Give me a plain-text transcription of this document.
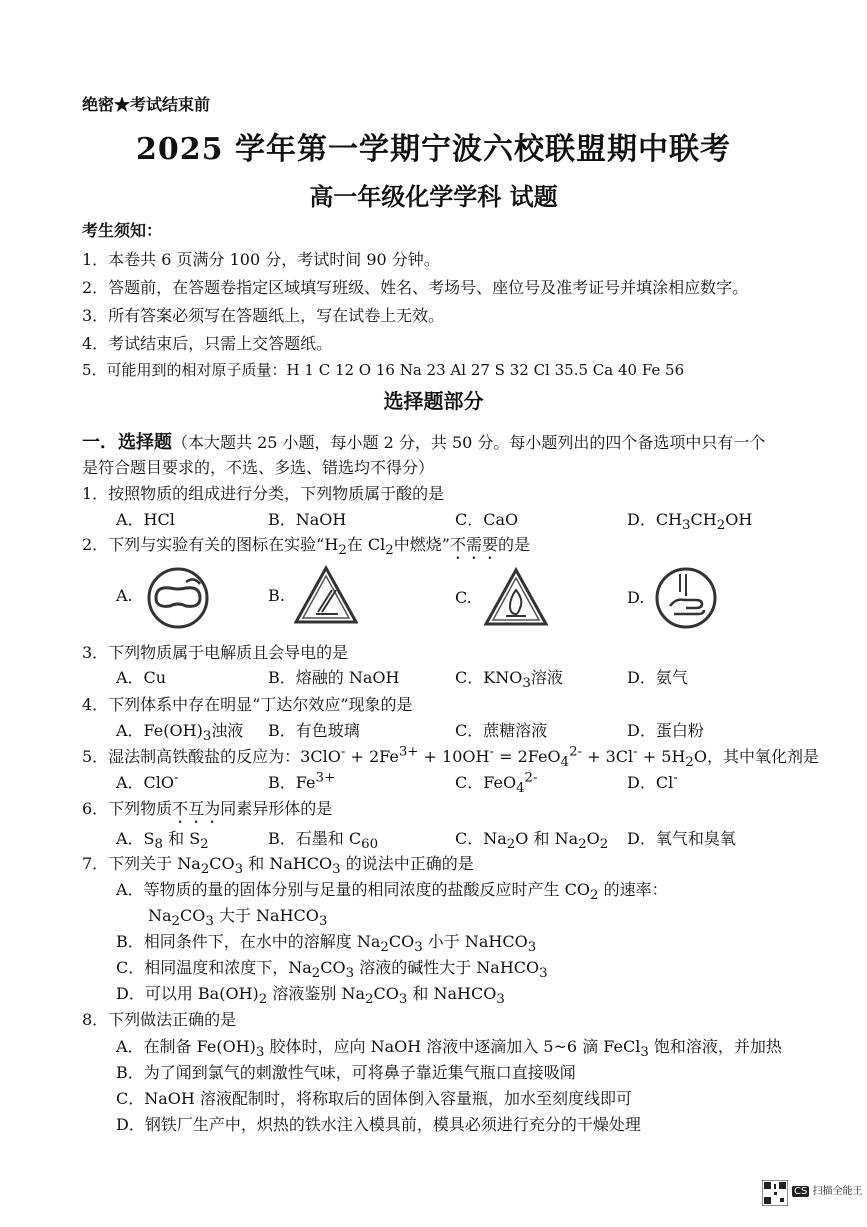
绝密★考试结束前
2025 学年第一学期宁波六校联盟期中联考
高一年级化学学科 试题
考生须知：
1．本卷共 6 页满分 100 分，考试时间 90 分钟。
2．答题前，在答题卷指定区域填写班级、姓名、考场号、座位号及准考证号并填涂相应数字。
3．所有答案必须写在答题纸上，写在试卷上无效。
4．考试结束后，只需上交答题纸。
5．可能用到的相对原子质量：H 1 C 12 O 16 Na 23 Al 27 S 32 Cl 35.5 Ca 40 Fe 56
选择题部分
一．选择题（本大题共 25 小题，每小题 2 分，共 50 分。每小题列出的四个备选项中只有一个
是符合题目要求的，不选、多选、错选均不得分）
1．按照物质的组成进行分类，下列物质属于酸的是
A．HCl	B．NaOH	C．CaO	D．$CH_3CH_2OH$
2．下列与实验有关的图标在实验“$H_2$在 $Cl_2$中燃烧”不需要的是
A.	B.	C.	D.
3．下列物质属于电解质且会导电的是
A．Cu	B．熔融的 NaOH	C．$KNO_3$溶液	D．氨气
4．下列体系中存在明显“丁达尔效应”现象的是
A．$Fe(OH)_3$浊液 B．有色玻璃	C．蔗糖溶液	D．蛋白粉
5．湿法制高铁酸盐的反应为：$3ClO^- + 2Fe^{3+} + 10OH^- = 2FeO_4^{2-} + 3Cl^- + 5H_2O$，其中氧化剂是
A．ClO-	B．$Fe^{3+}$	C．FeO$_4^{2-}$	D．Cl-
6．下列物质不互为同素异形体的是
A．$S_8$ 和 $S_2$	B．石墨和 $C_{60}$	C．$Na_2O$ 和 $Na_2O_2$ D．氧气和臭氧
7．下列关于 $Na_2CO_3$ 和 NaHCO$_3$ 的说法中正确的是
A．等物质的量的固体分别与足量的相同浓度的盐酸反应时产生 $CO_2$ 的速率：
$Na_2CO_3$ 大于 NaHCO$_3$
B．相同条件下，在水中的溶解度 $Na_2CO_3$ 小于 NaHCO$_3$
C．相同温度和浓度下，$Na_2CO_3$ 溶液的碱性大于 NaHCO$_3$
D．可以用 $Ba(OH)_2$ 溶液鉴别 $Na_2CO_3$ 和 NaHCO$_3$
8．下列做法正确的是
A．在制备 $Fe(OH)_3$ 胶体时，应向 NaOH 溶液中逐滴加入 5~6 滴 FeCl$_3$ 饱和溶液，并加热
B．为了闻到氯气的刺激性气味，可将鼻子靠近集气瓶口直接吸闻
C．NaOH 溶液配制时，将称取后的固体倒入容量瓶，加水至刻度线即可
D．钢铁厂生产中，炽热的铁水注入模具前，模具必须进行充分的干燥处理
CS 扫描全能王
